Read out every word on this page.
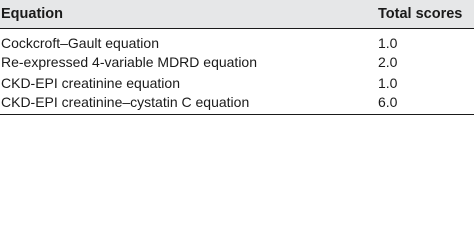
Equation	Total scores
Cockcroft–Gault equation	1.0
Re-expressed 4-variable MDRD equation	2.0
CKD-EPI creatinine equation	1.0
CKD-EPI creatinine–cystatin C equation	6.0
